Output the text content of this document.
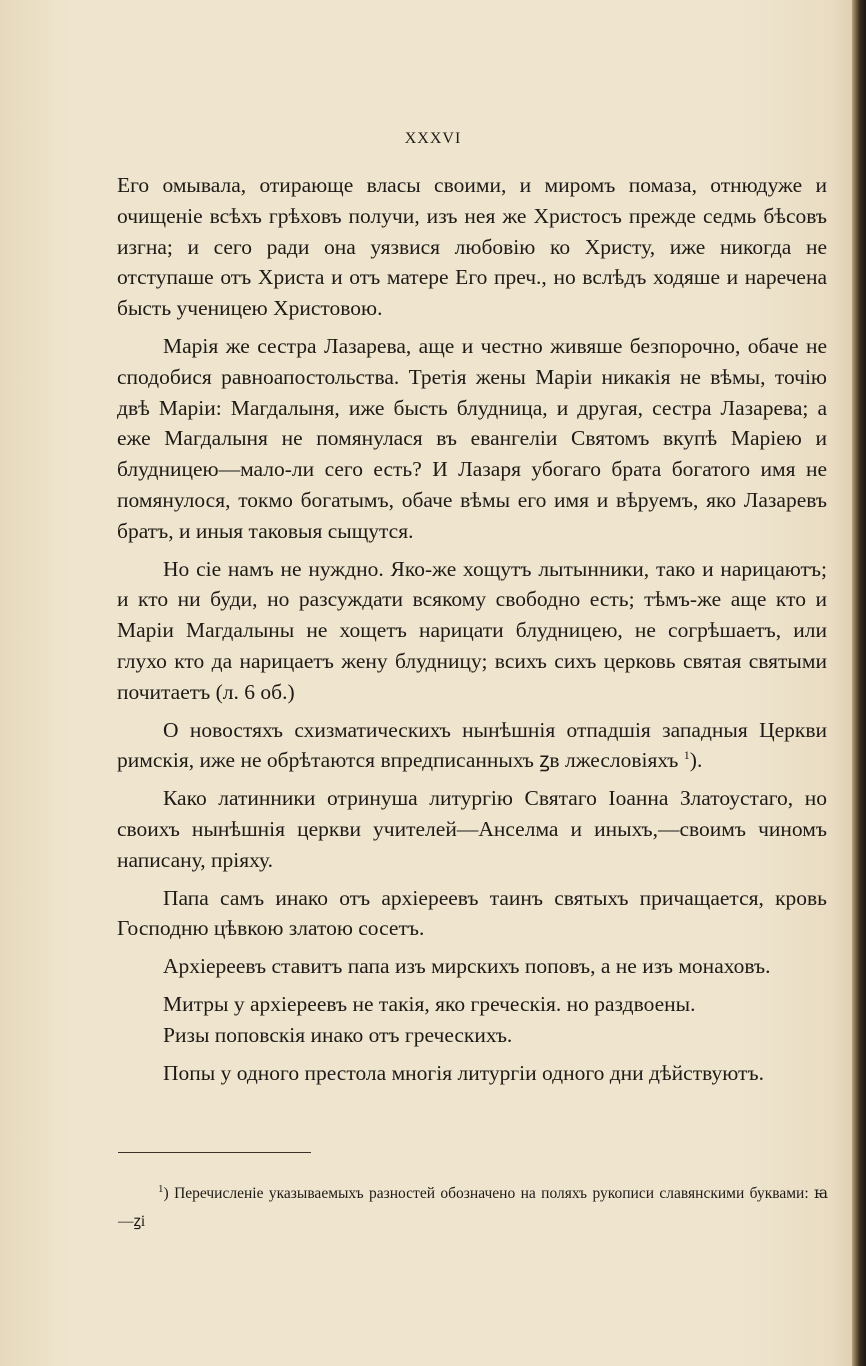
XXXVI

Его омывала, отирающе власы своими, и миромъ помаза, отнюдуже и очищеніе всѣхъ грѣховъ получи, изъ нея же Христосъ прежде седмь бѣсовъ изгна; и сего ради она уязвися любовію ко Христу, иже никогда не отступаше отъ Христа и отъ матере Его преч., но вслѣдъ ходяше и наречена бысть ученицею Христовою.

Марія же сестра Лазарева, аще и честно живяше безпорочно, обаче не сподобися равноапостольства. Третія жены Маріи никакія не вѣмы, точію двѣ Маріи: Магдалыня, иже бысть блудница, и другая, сестра Лазарева; а еже Магдалыня не помянулася въ евангеліи Святомъ вкупѣ Маріею и блудницею—мало-ли сего есть? И Лазаря убогаго брата богатого имя не помянулося, токмо богатымъ, обаче вѣмы его имя и вѣруемъ, яко Лазаревъ братъ, и иныя таковыя сыщутся.

Но сіе намъ не нуждно. Яко-же хощутъ лытынники, тако и нарицаютъ; и кто ни буди, но разсуждати всякому свободно есть; тѣмъ-же аще кто и Маріи Магдалыны не хощетъ нарицати блудницею, не согрѣшаетъ, или глухо кто да нарицаетъ жену блудницу; всихъ сихъ церковь святая святыми почитаетъ (л. 6 об.)

О новостяхъ схизматическихъ нынѣшнія отпадшія западныя Церкви римскія, иже не обрѣтаются впредписанныхъ ꙁв лжесловіяхъ $^1$).

Како латинники отринуша литургію Святаго Іоанна Златоустаго, но своихъ нынѣшнія церкви учителей—Анселма и иныхъ,—своимъ чиномъ написану, пріяху.

Папа самъ инако отъ архіереевъ таинъ святыхъ причащается, кровь Господню цѣвкою златою сосетъ.

Архіереевъ ставитъ папа изъ мирскихъ поповъ, а не изъ монаховъ.

Митры у архіереевъ не такія, яко греческія. но раздвоены.

Ризы поповскія инако отъ греческихъ.

Попы у одного престола многія литургіи одного дни дѣйствуютъ.

$^1$) Перечисленіе указываемыхъ разностей обозначено на поляхъ рукописи славянскими буквами: ꙗ—ꙁі
